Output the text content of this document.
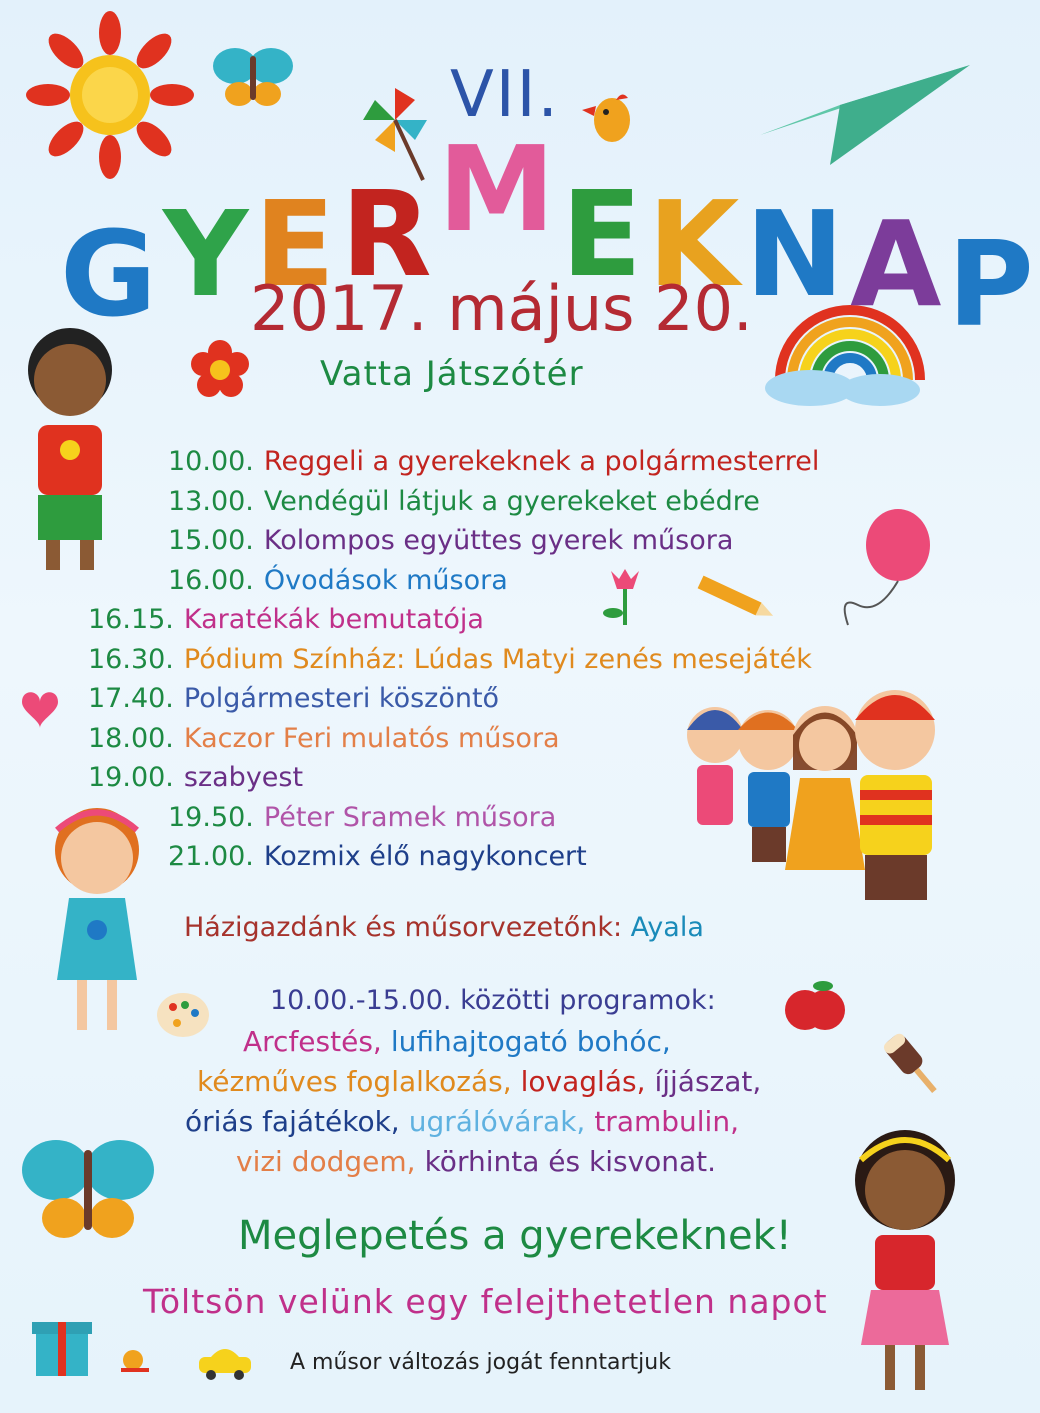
VII.
GYERMEKNAP
2017. május 20.
Vatta Játszótér
10.00. Reggeli a gyerekeknek a polgármesterrel
13.00. Vendégül látjuk a gyerekeket ebédre
15.00. Kolompos együttes gyerek műsora
16.00. Óvodások műsora
16.15. Karatékák bemutatója
16.30. Pódium Színház: Lúdas Matyi zenés mesejáték
17.40. Polgármesteri köszöntő
18.00. Kaczor Feri mulatós műsora
19.00. szabyest
19.50. Péter Sramek műsora
21.00. Kozmix élő nagykoncert
Házigazdánk és műsorvezetőnk: Ayala
10.00.-15.00. közötti programok:
Arcfestés, lufihajtogató bohóc,
kézműves foglalkozás, lovaglás, íjjászat,
óriás fajátékok, ugrálóvárak, trambulin,
vizi dodgem, körhinta és kisvonat.
Meglepetés a gyerekeknek!
Töltsön velünk egy felejthetetlen napot
A műsor változás jogát fenntartjuk
